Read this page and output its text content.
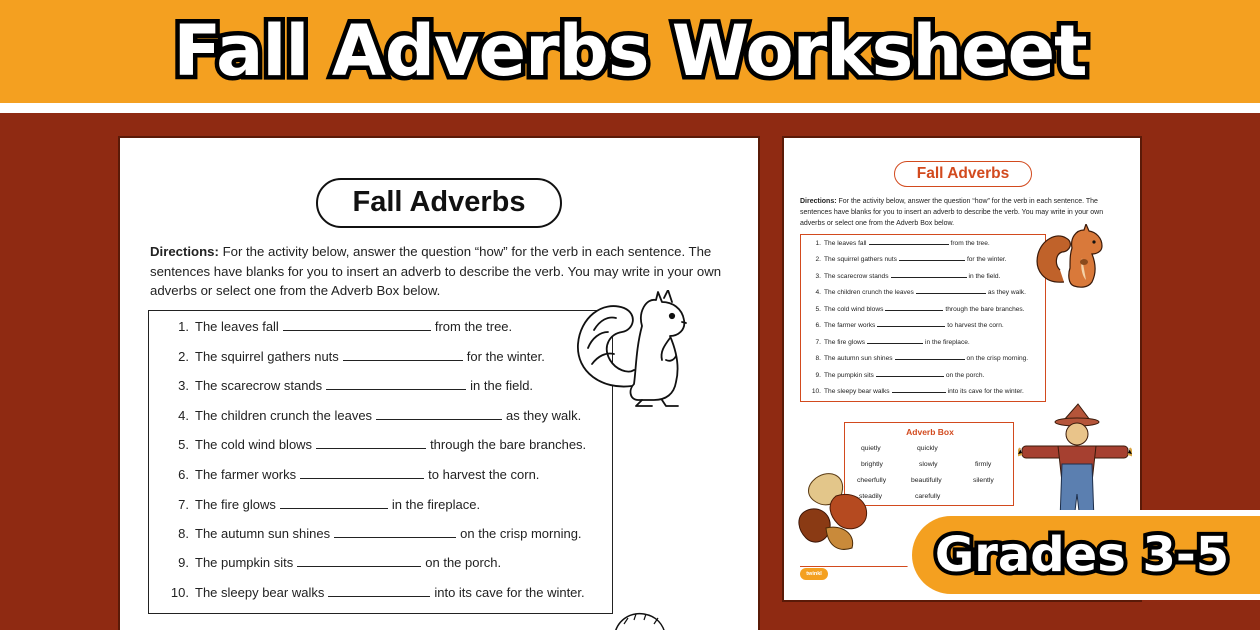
Fall Adverbs Worksheet
Fall Adverbs
Directions: For the activity below, answer the question “how” for the verb in each sentence. The sentences have blanks for you to insert an adverb to describe the verb. You may write in your own adverbs or select one from the Adverb Box below.
1. The leaves fall	from the tree.
2. The squirrel gathers nuts	for the winter.
3. The scarecrow stands	in the field.
4. The children crunch the leaves	as they walk.
5. The cold wind blows	through the bare branches.
6. The farmer works	to harvest the corn.
7. The fire glows	in the fireplace.
8. The autumn sun shines	on the crisp morning.
9. The pumpkin sits	on the porch.
10. The sleepy bear walks	into its cave for the winter.
Fall Adverbs
Directions: For the activity below, answer the question “how” for the verb in each sentence. The sentences have blanks for you to insert an adverb to describe the verb. You may write in your own adverbs or select one from the Adverb Box below.
1. The leaves fall	from the tree.
2. The squirrel gathers nuts	for the winter.
3. The scarecrow stands	in the field.
4. The children crunch the leaves	as they walk.
5. The cold wind blows	through the bare branches.
6. The farmer works	to harvest the corn.
7. The fire glows	in the fireplace.
8. The autumn sun shines	on the crisp morning.
9. The pumpkin sits	on the porch.
10. The sleepy bear walks	into its cave for the winter.
Adverb Box
quietly	quickly
brightly	slowly	firmly
cheerfully	beautifully	silently
steadily	carefully
twinkl	Grades 3-5
